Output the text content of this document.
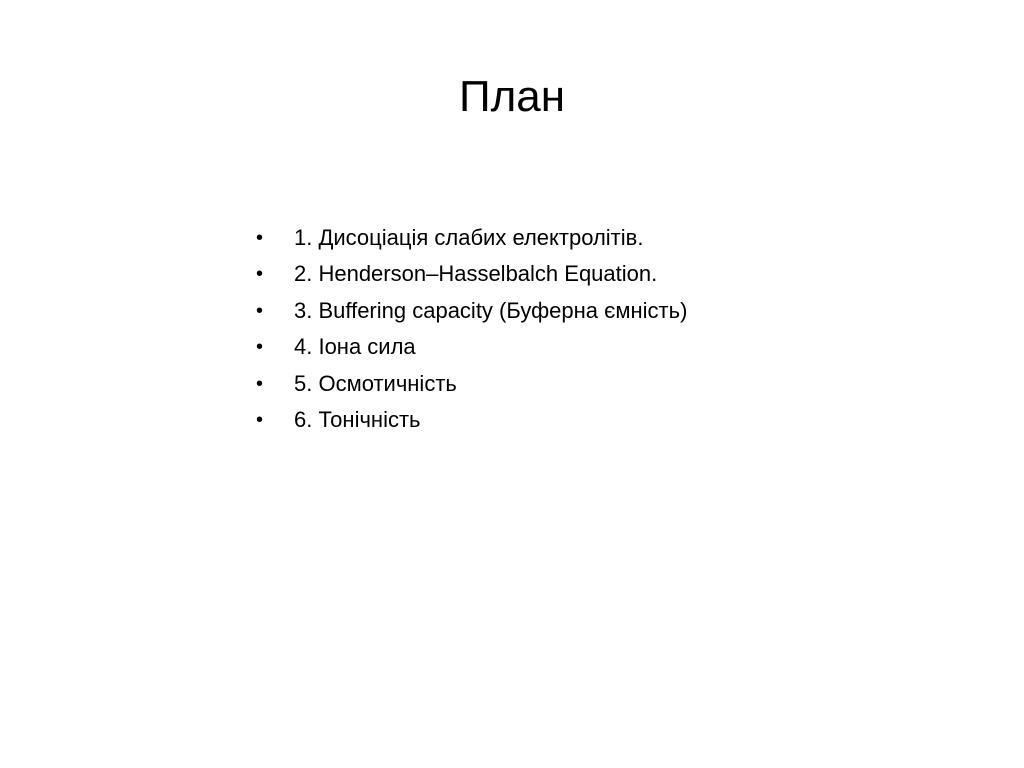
План
• 1. Дисоціація слабих електролітів.
• 2. Henderson–Hasselbalch Equation.
• 3. Buffering capacity (Буферна ємність)
• 4. Іона сила
• 5. Осмотичність
• 6. Тонічність
